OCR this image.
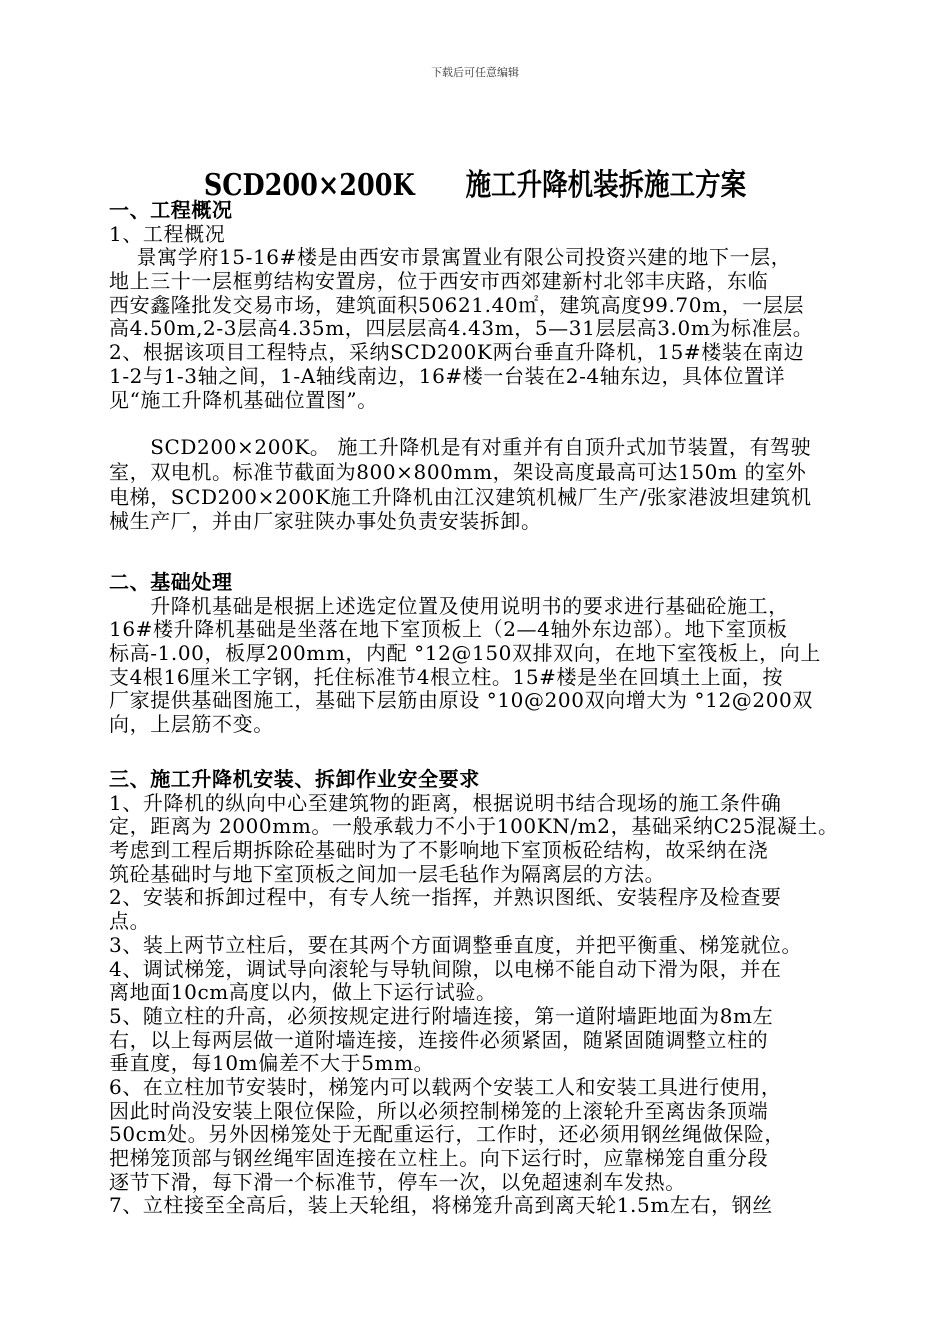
下载后可任意编辑
SCD200×200K　　施工升降机装拆施工方案
一、工程概况
1、工程概况
　 景寓学府15-16#楼是由西安市景寓置业有限公司投资兴建的地下一层，
地上三十一层框剪结构安置房，位于西安市西郊建新村北邻丰庆路，东临
西安鑫隆批发交易市场，建筑面积50621.40㎡，建筑高度99.70m，一层层
高4.50m,2-3层高4.35m，四层层高4.43m，5—31层层高3.0m为标准层。
2、根据该项目工程特点，采纳SCD200K两台垂直升降机，15#楼装在南边
1-2与1-3轴之间，1-A轴线南边，16#楼一台装在2-4轴东边，具体位置详
见“施工升降机基础位置图”。
　　SCD200×200K。 施工升降机是有对重并有自顶升式加节装置，有驾驶
室，双电机。标准节截面为800×800mm，架设高度最高可达150m 的室外
电梯，SCD200×200K施工升降机由江汉建筑机械厂生产/张家港波坦建筑机
械生产厂，并由厂家驻陕办事处负责安装拆卸。
二、基础处理
　　升降机基础是根据上述选定位置及使用说明书的要求进行基础砼施工，
16#楼升降机基础是坐落在地下室顶板上（2—4轴外东边部）。地下室顶板
标高-1.00，板厚200mm，内配 °12@150双排双向，在地下室筏板上，向上
支4根16厘米工字钢，托住标准节4根立柱。15#楼是坐在回填土上面，按
厂家提供基础图施工，基础下层筋由原设 °10@200双向增大为 °12@200双
向，上层筋不变。
三、施工升降机安装、拆卸作业安全要求
1、升降机的纵向中心至建筑物的距离，根据说明书结合现场的施工条件确
定，距离为 2000mm。一般承载力不小于100KN/m2，基础采纳C25混凝土。
考虑到工程后期拆除砼基础时为了不影响地下室顶板砼结构，故采纳在浇
筑砼基础时与地下室顶板之间加一层毛毡作为隔离层的方法。
2、安装和拆卸过程中，有专人统一指挥，并熟识图纸、安装程序及检查要
点。
3、装上两节立柱后，要在其两个方面调整垂直度，并把平衡重、梯笼就位。
4、调试梯笼，调试导向滚轮与导轨间隙，以电梯不能自动下滑为限，并在
离地面10cm高度以内，做上下运行试验。
5、随立柱的升高，必须按规定进行附墙连接，第一道附墙距地面为8m左
右，以上每两层做一道附墙连接，连接件必须紧固，随紧固随调整立柱的
垂直度，每10m偏差不大于5mm。
6、在立柱加节安装时，梯笼内可以载两个安装工人和安装工具进行使用，
因此时尚没安装上限位保险，所以必须控制梯笼的上滚轮升至离齿条顶端
50cm处。另外因梯笼处于无配重运行，工作时，还必须用钢丝绳做保险，
把梯笼顶部与钢丝绳牢固连接在立柱上。向下运行时，应靠梯笼自重分段
逐节下滑，每下滑一个标准节，停车一次，以免超速刹车发热。
7、立柱接至全高后，装上天轮组，将梯笼升高到离天轮1.5m左右，钢丝
